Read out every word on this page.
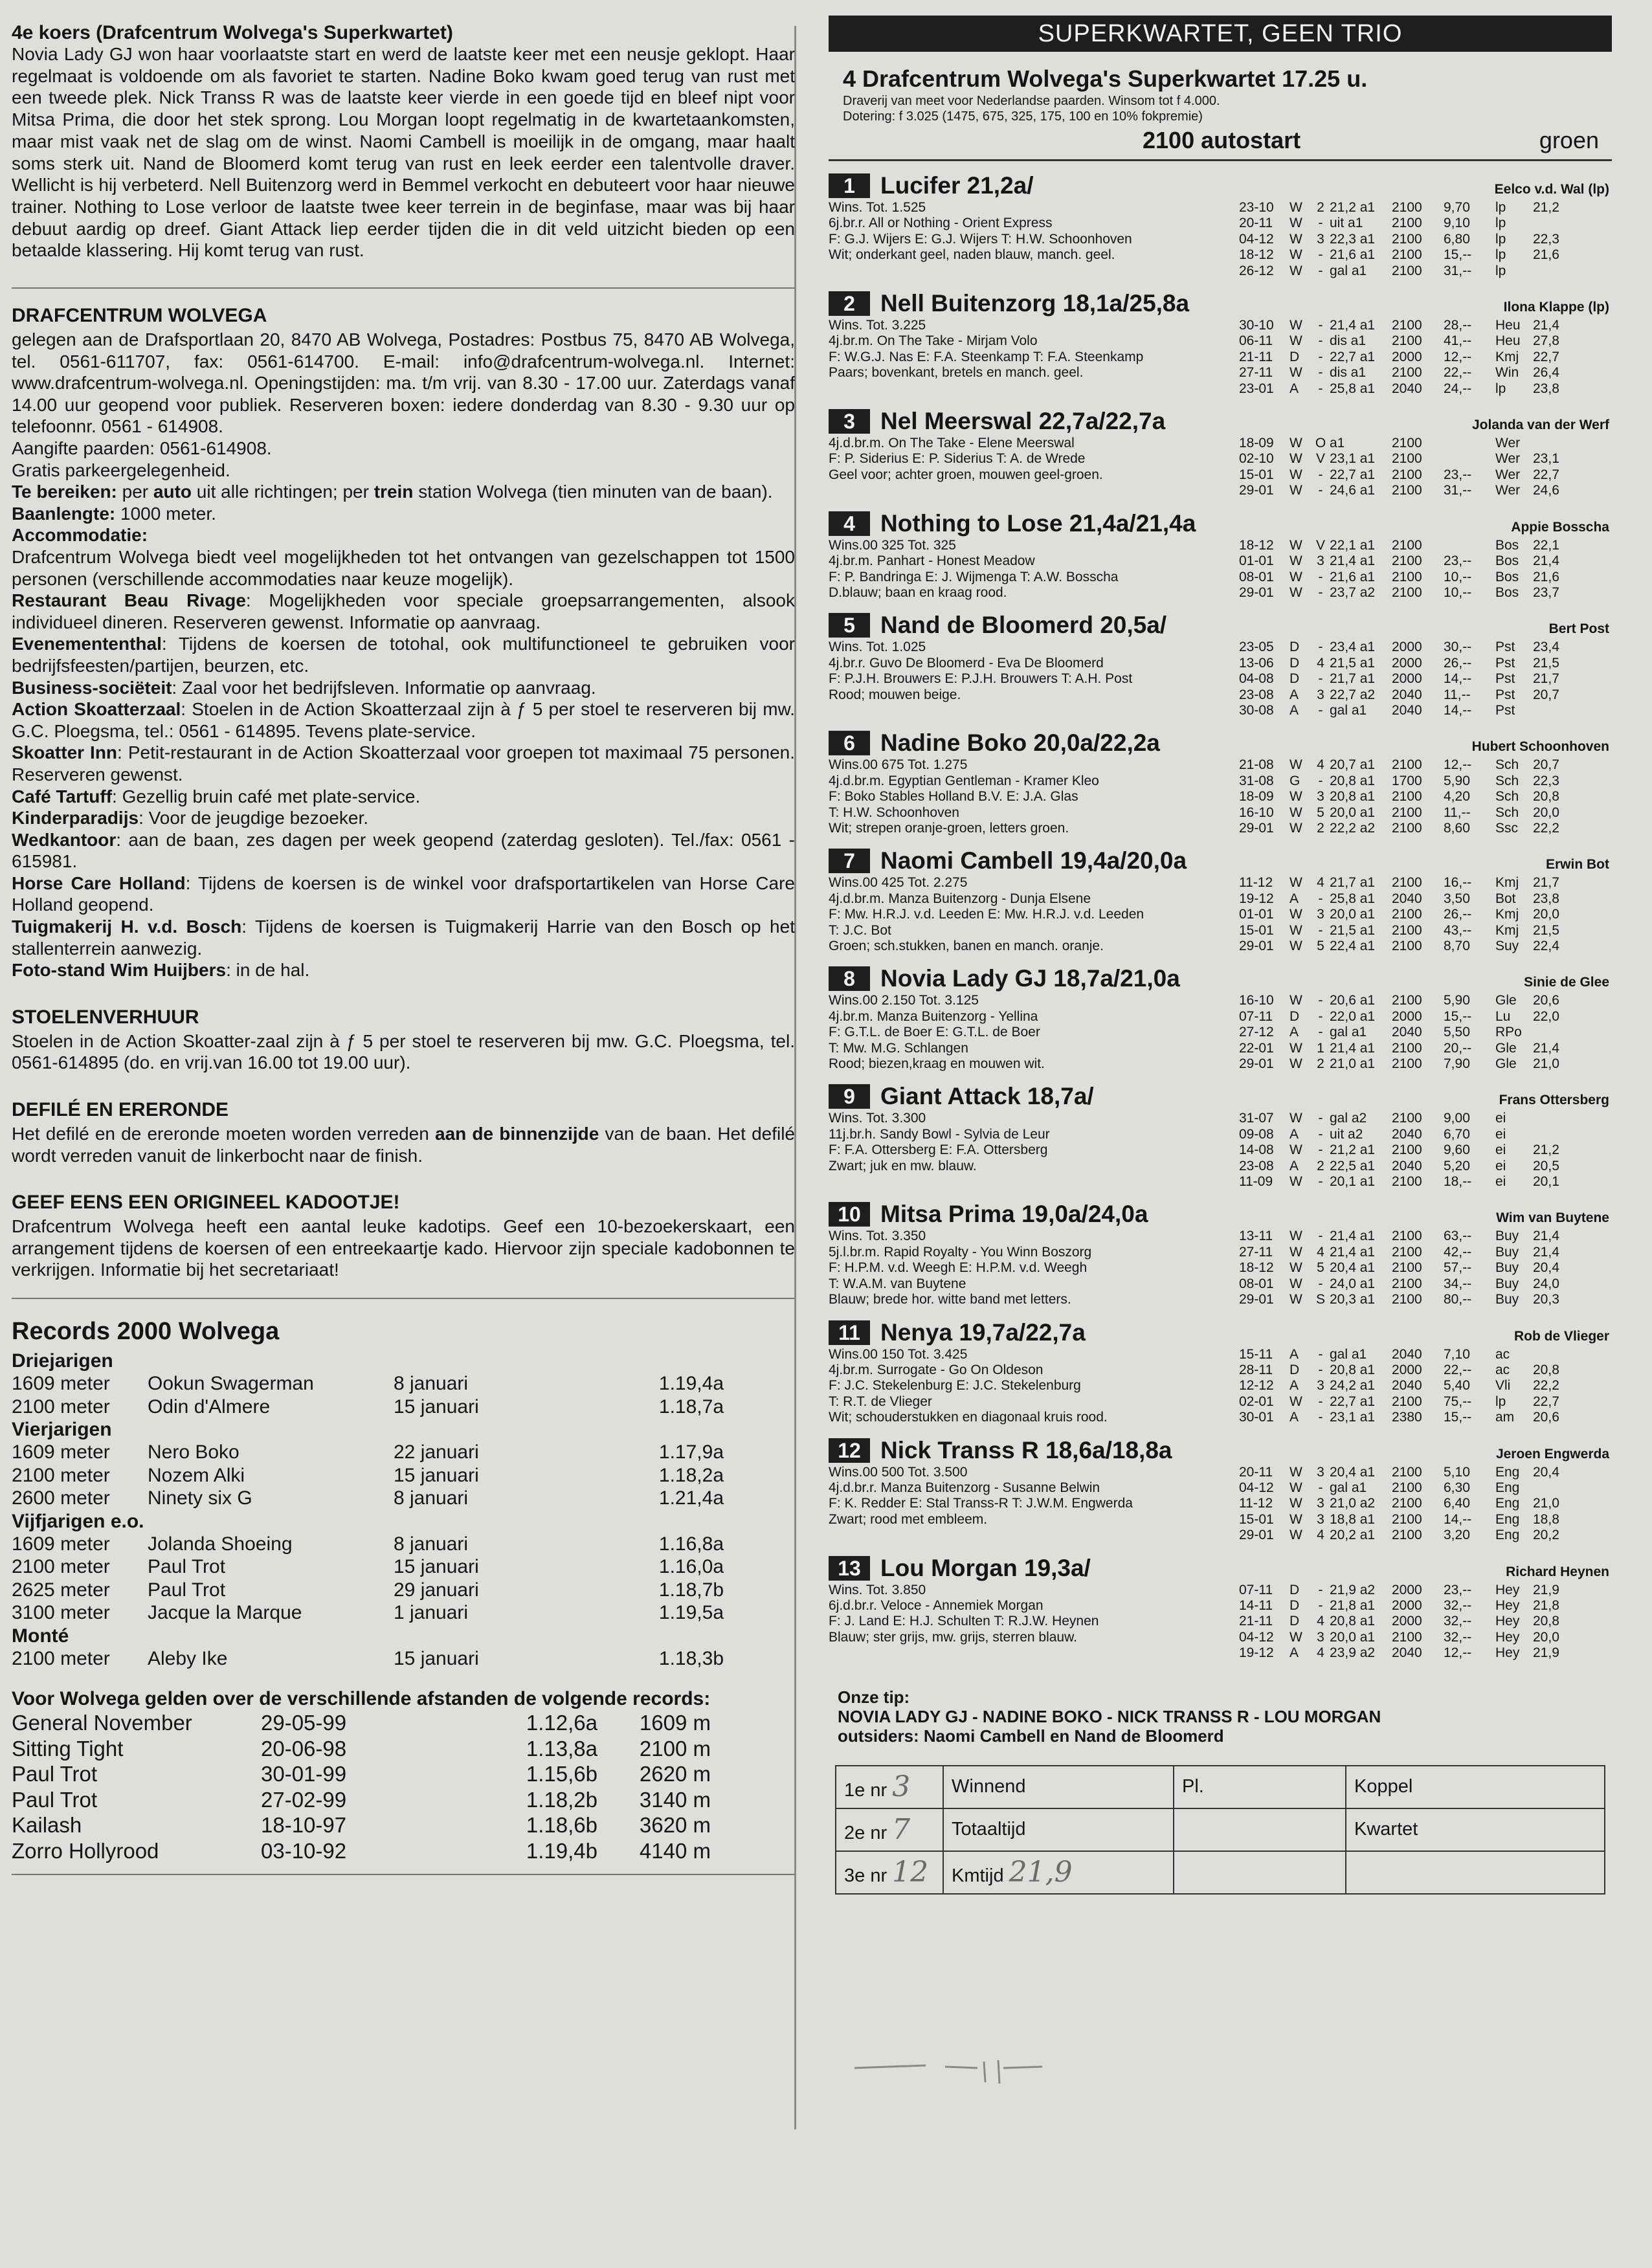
4e koers (Drafcentrum Wolvega's Superkwartet)
Novia Lady GJ won haar voorlaatste start en werd de laatste keer met een neusje geklopt. Haar regelmaat is voldoende om als favoriet te starten. Nadine Boko kwam goed terug van rust met een tweede plek. Nick Transs R was de laatste keer vierde in een goede tijd en bleef nipt voor Mitsa Prima, die door het stek sprong. Lou Morgan loopt regelmatig in de kwartetaankomsten, maar mist vaak net de slag om de winst. Naomi Cambell is moeilijk in de omgang, maar haalt soms sterk uit. Nand de Bloomerd komt terug van rust en leek eerder een talentvolle draver. Wellicht is hij verbeterd. Nell Buitenzorg werd in Bemmel verkocht en debuteert voor haar nieuwe trainer. Nothing to Lose verloor de laatste twee keer terrein in de beginfase, maar was bij haar debuut aardig op dreef. Giant Attack liep eerder tijden die in dit veld uitzicht bieden op een betaalde klassering. Hij komt terug van rust.
DRAFCENTRUM WOLVEGA

gelegen aan de Drafsportlaan 20, 8470 AB Wolvega, Postadres: Postbus 75, 8470 AB Wolvega, tel. 0561-611707, fax: 0561-614700. E-mail: info@drafcentrum-wolvega.nl. Internet: www.drafcentrum-wolvega.nl. Openingstijden: ma. t/m vrij. van 8.30 - 17.00 uur. Zaterdags vanaf 14.00 uur geopend voor publiek. Reserveren boxen: iedere donderdag van 8.30 - 9.30 uur op telefoonnr. 0561 - 614908.

Aangifte paarden: 0561-614908.

Gratis parkeergelegenheid.

Te bereiken: per auto uit alle richtingen; per trein station Wolvega (tien minuten van de baan).

Baanlengte: 1000 meter.

Accommodatie:

Drafcentrum Wolvega biedt veel mogelijkheden tot het ontvangen van gezelschappen tot 1500 personen (verschillende accommodaties naar keuze mogelijk).

Restaurant Beau Rivage: Mogelijkheden voor speciale groepsarrangementen, alsook individueel dineren. Reserveren gewenst. Informatie op aanvraag.

Evenemententhal: Tijdens de koersen de totohal, ook multifunctioneel te gebruiken voor bedrijfsfeesten/partijen, beurzen, etc.

Business-sociëteit: Zaal voor het bedrijfsleven. Informatie op aanvraag.

Action Skoatterzaal: Stoelen in de Action Skoatterzaal zijn à ƒ 5 per stoel te reserveren bij mw. G.C. Ploegsma, tel.: 0561 - 614895. Tevens plate-service.

Skoatter Inn: Petit-restaurant in de Action Skoatterzaal voor groepen tot maximaal 75 personen. Reserveren gewenst.

Café Tartuff: Gezellig bruin café met plate-service.

Kinderparadijs: Voor de jeugdige bezoeker.

Wedkantoor: aan de baan, zes dagen per week geopend (zaterdag gesloten). Tel./fax: 0561 - 615981.

Horse Care Holland: Tijdens de koersen is de winkel voor drafsportartikelen van Horse Care Holland geopend.

Tuigmakerij H. v.d. Bosch: Tijdens de koersen is Tuigmakerij Harrie van den Bosch op het stallenterrein aanwezig.

Foto-stand Wim Huijbers: in de hal.

STOELENVERHUUR
Stoelen in de Action Skoatter-zaal zijn à ƒ 5 per stoel te reserveren bij mw. G.C. Ploegsma, tel. 0561-614895 (do. en vrij.van 16.00 tot 19.00 uur).
DEFILÉ EN ERERONDE
Het defilé en de ereronde moeten worden verreden aan de binnenzijde van de baan. Het defilé wordt verreden vanuit de linkerbocht naar de finish.
GEEF EENS EEN ORIGINEEL KADOOTJE!
Drafcentrum Wolvega heeft een aantal leuke kadotips. Geef een 10-bezoekerskaart, een arrangement tijdens de koersen of een entreekaartje kado. Hiervoor zijn speciale kadobonnen te verkrijgen. Informatie bij het secretariaat!
Records 2000 Wolvega
Driejarigen
1609 meter	Ookun Swagerman	8 januari	1.19,4a
2100 meter	Odin d'Almere	15 januari	1.18,7a
Vierjarigen
1609 meter	Nero Boko	22 januari	1.17,9a
2100 meter	Nozem Alki	15 januari	1.18,2a
2600 meter	Ninety six G	8 januari	1.21,4a
Vijfjarigen e.o.
1609 meter	Jolanda Shoeing	8 januari	1.16,8a
2100 meter	Paul Trot	15 januari	1.16,0a
2625 meter	Paul Trot	29 januari	1.18,7b
3100 meter	Jacque la Marque	1 januari	1.19,5a
Monté
2100 meter	Aleby Ike	15 januari	1.18,3b
Voor Wolvega gelden over de verschillende afstanden de volgende records:
General November	29-05-99	1.12,6a	1609 m
Sitting Tight	20-06-98	1.13,8a	2100 m
Paul Trot	30-01-99	1.15,6b	2620 m
Paul Trot	27-02-99	1.18,2b	3140 m
Kailash	18-10-97	1.18,6b	3620 m
Zorro Hollyrood	03-10-92	1.19,4b	4140 m
SUPERKWARTET, GEEN TRIO
4 Drafcentrum Wolvega's Superkwartet 17.25 u.
Draverij van meet voor Nederlandse paarden. Winsom tot f 4.000.
Dotering: f 3.025 (1475, 675, 325, 175, 100 en 10% fokpremie)
2100 autostart	groen
1	Lucifer 21,2a/	Eelco v.d. Wal (lp)
Wins. Tot. 1.525
6j.br.r. All or Nothing - Orient Express
F: G.J. Wijers E: G.J. Wijers T: H.W. Schoonhoven
Wit; onderkant geel, naden blauw, manch. geel.
23-10	W	2 21,2 a1	2100	9,70	lp	21,2
20-11	W	- uit a1	2100	9,10	lp
04-12	W	3 22,3 a1	2100	6,80	lp	22,3
18-12	W	- 21,6 a1	2100	15,--	lp	21,6
26-12	W	- gal a1	2100	31,--	lp
2	Nell Buitenzorg 18,1a/25,8a	Ilona Klappe (lp)
Wins. Tot. 3.225
4j.br.m. On The Take - Mirjam Volo
F: W.G.J. Nas E: F.A. Steenkamp T: F.A. Steenkamp
Paars; bovenkant, bretels en manch. geel.
30-10	W	- 21,4 a1	2100	28,--	Heu 21,4
06-11	W	- dis a1	2100	41,--	Heu 27,8
21-11	D	- 22,7 a1	2000	12,--	Kmj	22,7
27-11	W	- dis a1	2100	22,--	Win	26,4
23-01	A	- 25,8 a1	2040	24,--	lp	23,8
3	Nel Meerswal 22,7a/22,7a	Jolanda van der Werf
4j.d.br.m. On The Take - Elene Meerswal
F: P. Siderius E: P. Siderius T: A. de Wrede
Geel voor; achter groen, mouwen geel-groen.
18-09	W O a1	2100	Wer
02-10	W	V 23,1 a1	2100	Wer 23,1
15-01	W	- 22,7 a1	2100	23,--	Wer 22,7
29-01	W	- 24,6 a1	2100	31,--	Wer 24,6
4	Nothing to Lose 21,4a/21,4a	Appie Bosscha
Wins.00 325 Tot. 325
4j.br.m. Panhart - Honest Meadow
F: P. Bandringa E: J. Wijmenga T: A.W. Bosscha
D.blauw; baan en kraag rood.
18-12	W	V 22,1 a1	2100	Bos	22,1
01-01	W	3 21,4 a1	2100	23,--	Bos	21,4
08-01	W	- 21,6 a1	2100	10,--	Bos	21,6
29-01	W	- 23,7 a2	2100	10,--	Bos	23,7
5	Nand de Bloomerd 20,5a/	Bert Post
Wins. Tot. 1.025
4j.br.r. Guvo De Bloomerd - Eva De Bloomerd
F: P.J.H. Brouwers E: P.J.H. Brouwers T: A.H. Post
Rood; mouwen beige.
23-05	D	- 23,4 a1	2000	30,--	Pst	23,4
13-06	D	4 21,5 a1	2000	26,--	Pst	21,5
04-08	D	- 21,7 a1	2000	14,--	Pst	21,7
23-08	A	3 22,7 a2	2040	11,--	Pst	20,7
30-08	A	- gal a1	2040	14,--	Pst
6	Nadine Boko 20,0a/22,2a	Hubert Schoonhoven
Wins.00 675 Tot. 1.275
4j.d.br.m. Egyptian Gentleman - Kramer Kleo
F: Boko Stables Holland B.V. E: J.A. Glas
T: H.W. Schoonhoven
Wit; strepen oranje-groen, letters groen.
21-08	W	4 20,7 a1	2100	12,--	Sch	20,7
31-08	G	- 20,8 a1	1700	5,90	Sch	22,3
18-09	W	3 20,8 a1	2100	4,20	Sch	20,8
16-10	W	5 20,0 a1	2100	11,--	Sch	20,0
29-01	W	2 22,2 a2	2100	8,60	Ssc	22,2
7	Naomi Cambell 19,4a/20,0a	Erwin Bot
Wins.00 425 Tot. 2.275
4j.d.br.m. Manza Buitenzorg - Dunja Elsene
F: Mw. H.R.J. v.d. Leeden E: Mw. H.R.J. v.d. Leeden
T: J.C. Bot
Groen; sch.stukken, banen en manch. oranje.
11-12	W	4 21,7 a1	2100	16,--	Kmj	21,7
19-12	A	- 25,8 a1	2040	3,50	Bot	23,8
01-01	W	3 20,0 a1	2100	26,--	Kmj	20,0
15-01	W	- 21,5 a1	2100	43,--	Kmj	21,5
29-01	W	5 22,4 a1	2100	8,70	Suy	22,4
8	Novia Lady GJ 18,7a/21,0a	Sinie de Glee
Wins.00 2.150 Tot. 3.125
4j.br.m. Manza Buitenzorg - Yellina
F: G.T.L. de Boer E: G.T.L. de Boer
T: Mw. M.G. Schlangen
Rood; biezen,kraag en mouwen wit.
16-10	W	- 20,6 a1	2100	5,90	Gle	20,6
07-11	D	- 22,0 a1	2000	15,--	Lu	22,0
27-12	A	- gal a1	2040	5,50	RPo
22-01	W	1 21,4 a1	2100	20,--	Gle	21,4
29-01	W	2 21,0 a1	2100	7,90	Gle	21,0
9	Giant Attack 18,7a/	Frans Ottersberg
Wins. Tot. 3.300
11j.br.h. Sandy Bowl - Sylvia de Leur
F: F.A. Ottersberg E: F.A. Ottersberg
Zwart; juk en mw. blauw.
31-07	W	- gal a2	2100	9,00	ei
09-08	A	- uit a2	2040	6,70	ei
14-08	W	- 21,2 a1	2100	9,60	ei	21,2
23-08	A	2 22,5 a1	2040	5,20	ei	20,5
11-09	W	- 20,1 a1	2100	18,--	ei	20,1
10 Mitsa Prima 19,0a/24,0a	Wim van Buytene
Wins. Tot. 3.350
5j.l.br.m. Rapid Royalty - You Winn Boszorg
F: H.P.M. v.d. Weegh E: H.P.M. v.d. Weegh
T: W.A.M. van Buytene
Blauw; brede hor. witte band met letters.
13-11	W	- 21,4 a1	2100	63,--	Buy	21,4
27-11	W	4 21,4 a1	2100	42,--	Buy	21,4
18-12	W	5 20,4 a1	2100	57,--	Buy	20,4
08-01	W	- 24,0 a1	2100	34,--	Buy	24,0
29-01	W	S 20,3 a1	2100	80,--	Buy	20,3
11 Nenya 19,7a/22,7a	Rob de Vlieger
Wins.00 150 Tot. 3.425
4j.br.m. Surrogate - Go On Oldeson
F: J.C. Stekelenburg E: J.C. Stekelenburg
T: R.T. de Vlieger
Wit; schouderstukken en diagonaal kruis rood.
15-11	A	- gal a1	2040	7,10	ac
28-11	D	- 20,8 a1	2000	22,--	ac	20,8
12-12	A	3 24,2 a1	2040	5,40	Vli	22,2
02-01	W	- 22,7 a1	2100	75,--	lp	22,7
30-01	A	- 23,1 a1	2380	15,--	am	20,6
12 Nick Transs R 18,6a/18,8a	Jeroen Engwerda
Wins.00 500 Tot. 3.500
4j.d.br.r. Manza Buitenzorg - Susanne Belwin
F: K. Redder E: Stal Transs-R T: J.W.M. Engwerda
Zwart; rood met embleem.
20-11	W	3 20,4 a1	2100	5,10	Eng 20,4
04-12	W	- gal a1	2100	6,30	Eng
11-12	W	3 21,0 a2	2100	6,40	Eng 21,0
15-01	W	3 18,8 a1	2100	14,--	Eng 18,8
29-01	W	4 20,2 a1	2100	3,20	Eng 20,2
13 Lou Morgan 19,3a/	Richard Heynen
Wins. Tot. 3.850
6j.d.br.r. Veloce - Annemiek Morgan
F: J. Land E: H.J. Schulten T: R.J.W. Heynen
Blauw; ster grijs, mw. grijs, sterren blauw.
07-11	D	- 21,9 a2	2000	23,--	Hey 21,9
14-11	D	- 21,8 a1	2000	32,--	Hey 21,8
21-11	D	4 20,8 a1	2000	32,--	Hey 20,8
04-12	W	3 20,0 a1	2100	32,--	Hey 20,0
19-12	A	4 23,9 a2	2040	12,--	Hey 21,9
Onze tip:
NOVIA LADY GJ - NADINE BOKO - NICK TRANSS R - LOU MORGAN
outsiders: Naomi Cambell en Nand de Bloomerd
1e nr 3	Winnend	Pl.	Koppel
2e nr 7	Totaaltijd		Kwartet
3e nr 12	Kmtijd 21,9		
